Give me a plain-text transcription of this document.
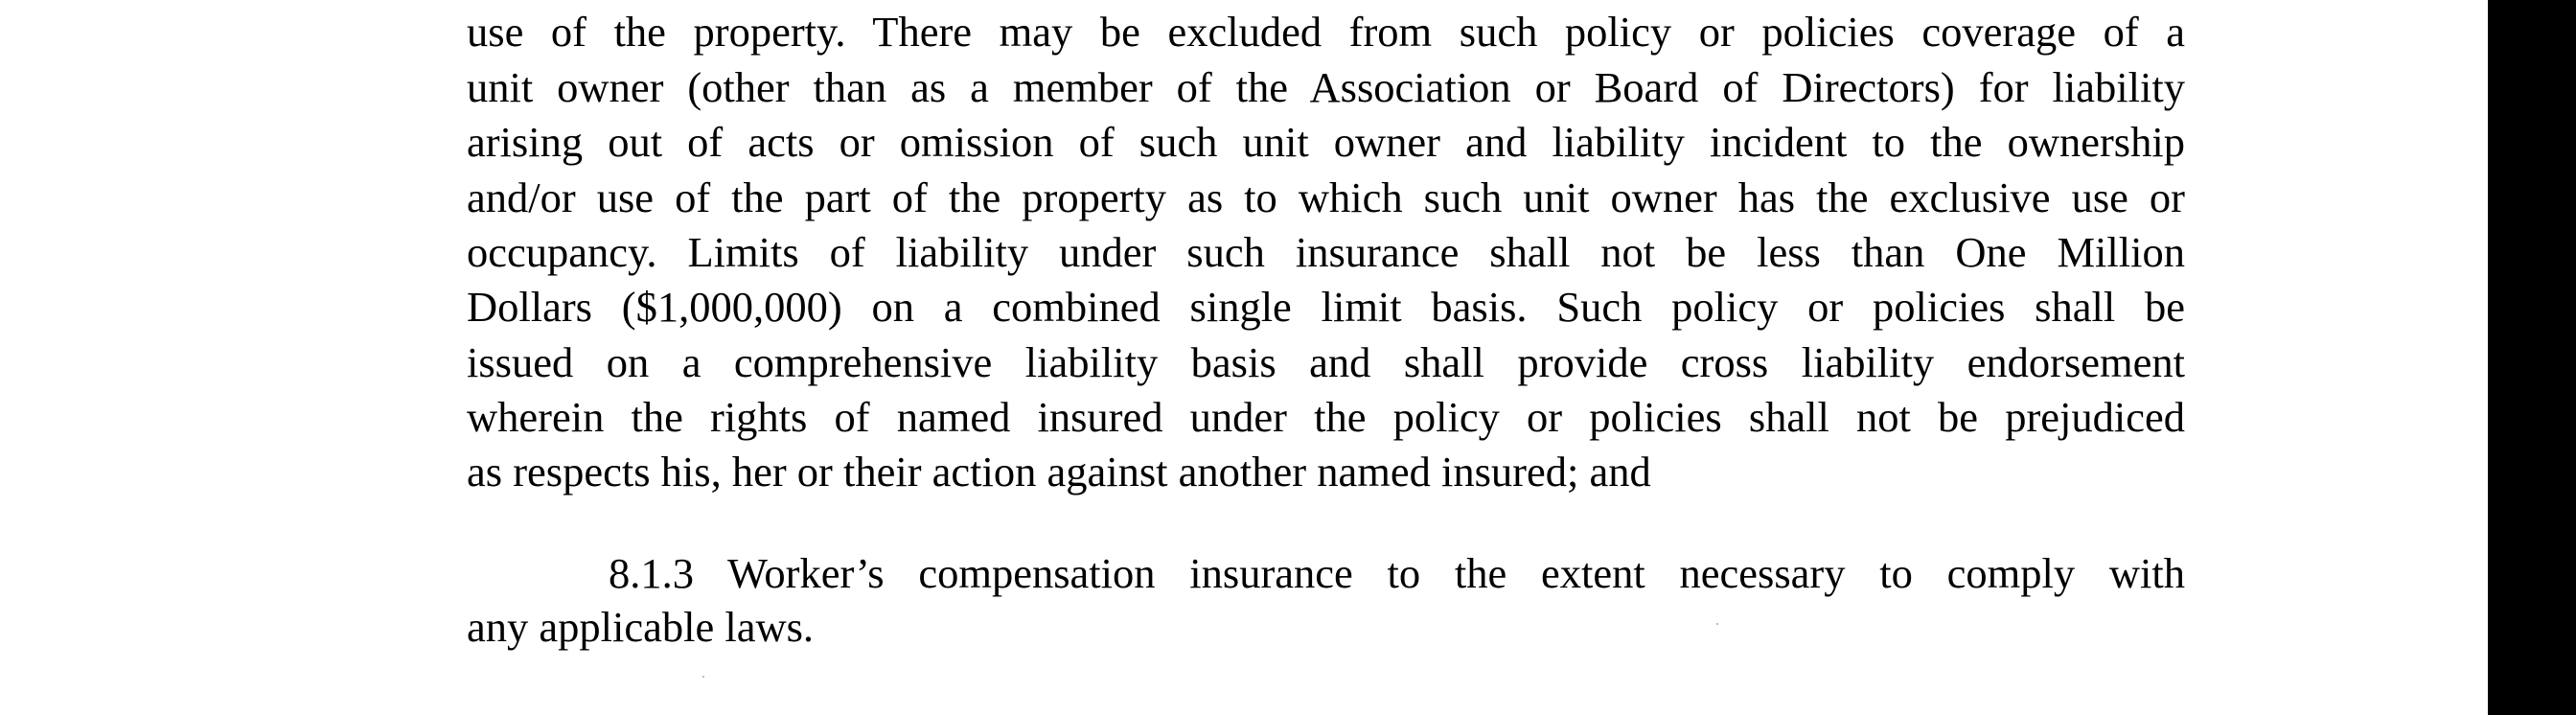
use of the property. There may be excluded from such policy or policies coverage of a
unit owner (other than as a member of the Association or Board of Directors) for liability
arising out of acts or omission of such unit owner and liability incident to the ownership
and/or use of the part of the property as to which such unit owner has the exclusive use or
occupancy. Limits of liability under such insurance shall not be less than One Million
Dollars ($1,000,000) on a combined single limit basis. Such policy or policies shall be
issued on a comprehensive liability basis and shall provide cross liability endorsement
wherein the rights of named insured under the policy or policies shall not be prejudiced
as respects his, her or their action against another named insured; and
8.1.3 Worker’s compensation insurance to the extent necessary to comply with
any applicable laws.
